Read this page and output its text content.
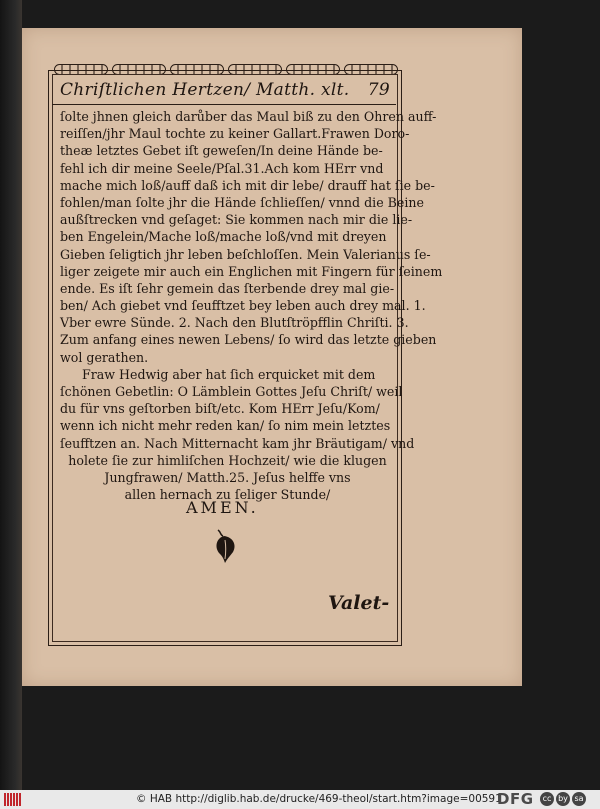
Chriſtlichen Hertzen/ Matth. xlt. 79
ſolte jhnen gleich darůber das Maul biß zu den Ohren auff-
reiſſen/jhr Maul tochte zu keiner Gallart.Frawen Doro-
theæ letztes Gebet iſt geweſen/In deine Hände be-
fehl ich dir meine Seele/Pſal.31.Ach kom HErr vnd
mache mich loß/auff daß ich mit dir lebe/ drauff hat ſie be-
fohlen/man ſolte jhr die Hände ſchlieſſen/ vnnd die Beine
außſtrecken vnd geſaget: Sie kommen nach mir die lie-
ben Engelein/Mache loß/mache loß/vnd mit dreyen
Gieben ſeligtich jhr leben beſchloſſen. Mein Valerianus ſe-
liger zeigete mir auch ein Englichen mit Fingern für ſeinem
ende. Es iſt ſehr gemein das ſterbende drey mal gie-
ben/ Ach giebet vnd ſeufftzet bey leben auch drey mal. 1.
Vber ewre Sünde. 2. Nach den Blutſtröpfflin Chriſti. 3.
Zum anfang eines newen Lebens/ ſo wird das letzte gieben
wol gerathen.
Fraw Hedwig aber hat ſich erquicket mit dem
ſchönen Gebetlin: O Lämblein Gottes Jeſu Chriſt/ weil
du für vns geſtorben biſt/etc. Kom HErr Jeſu/Kom/
wenn ich nicht mehr reden kan/ ſo nim mein letztes
ſeufftzen an. Nach Mitternacht kam jhr Bräutigam/ vnd
holete ſie zur himliſchen Hochzeit/ wie die klugen
Jungfrawen/ Matth.25. Jeſus helffe vns
allen hernach zu ſeliger Stunde/
AMEN.
Valet-
© HAB http://diglib.hab.de/drucke/469-theol/start.htm?image=00591
DFG	cc by sa
